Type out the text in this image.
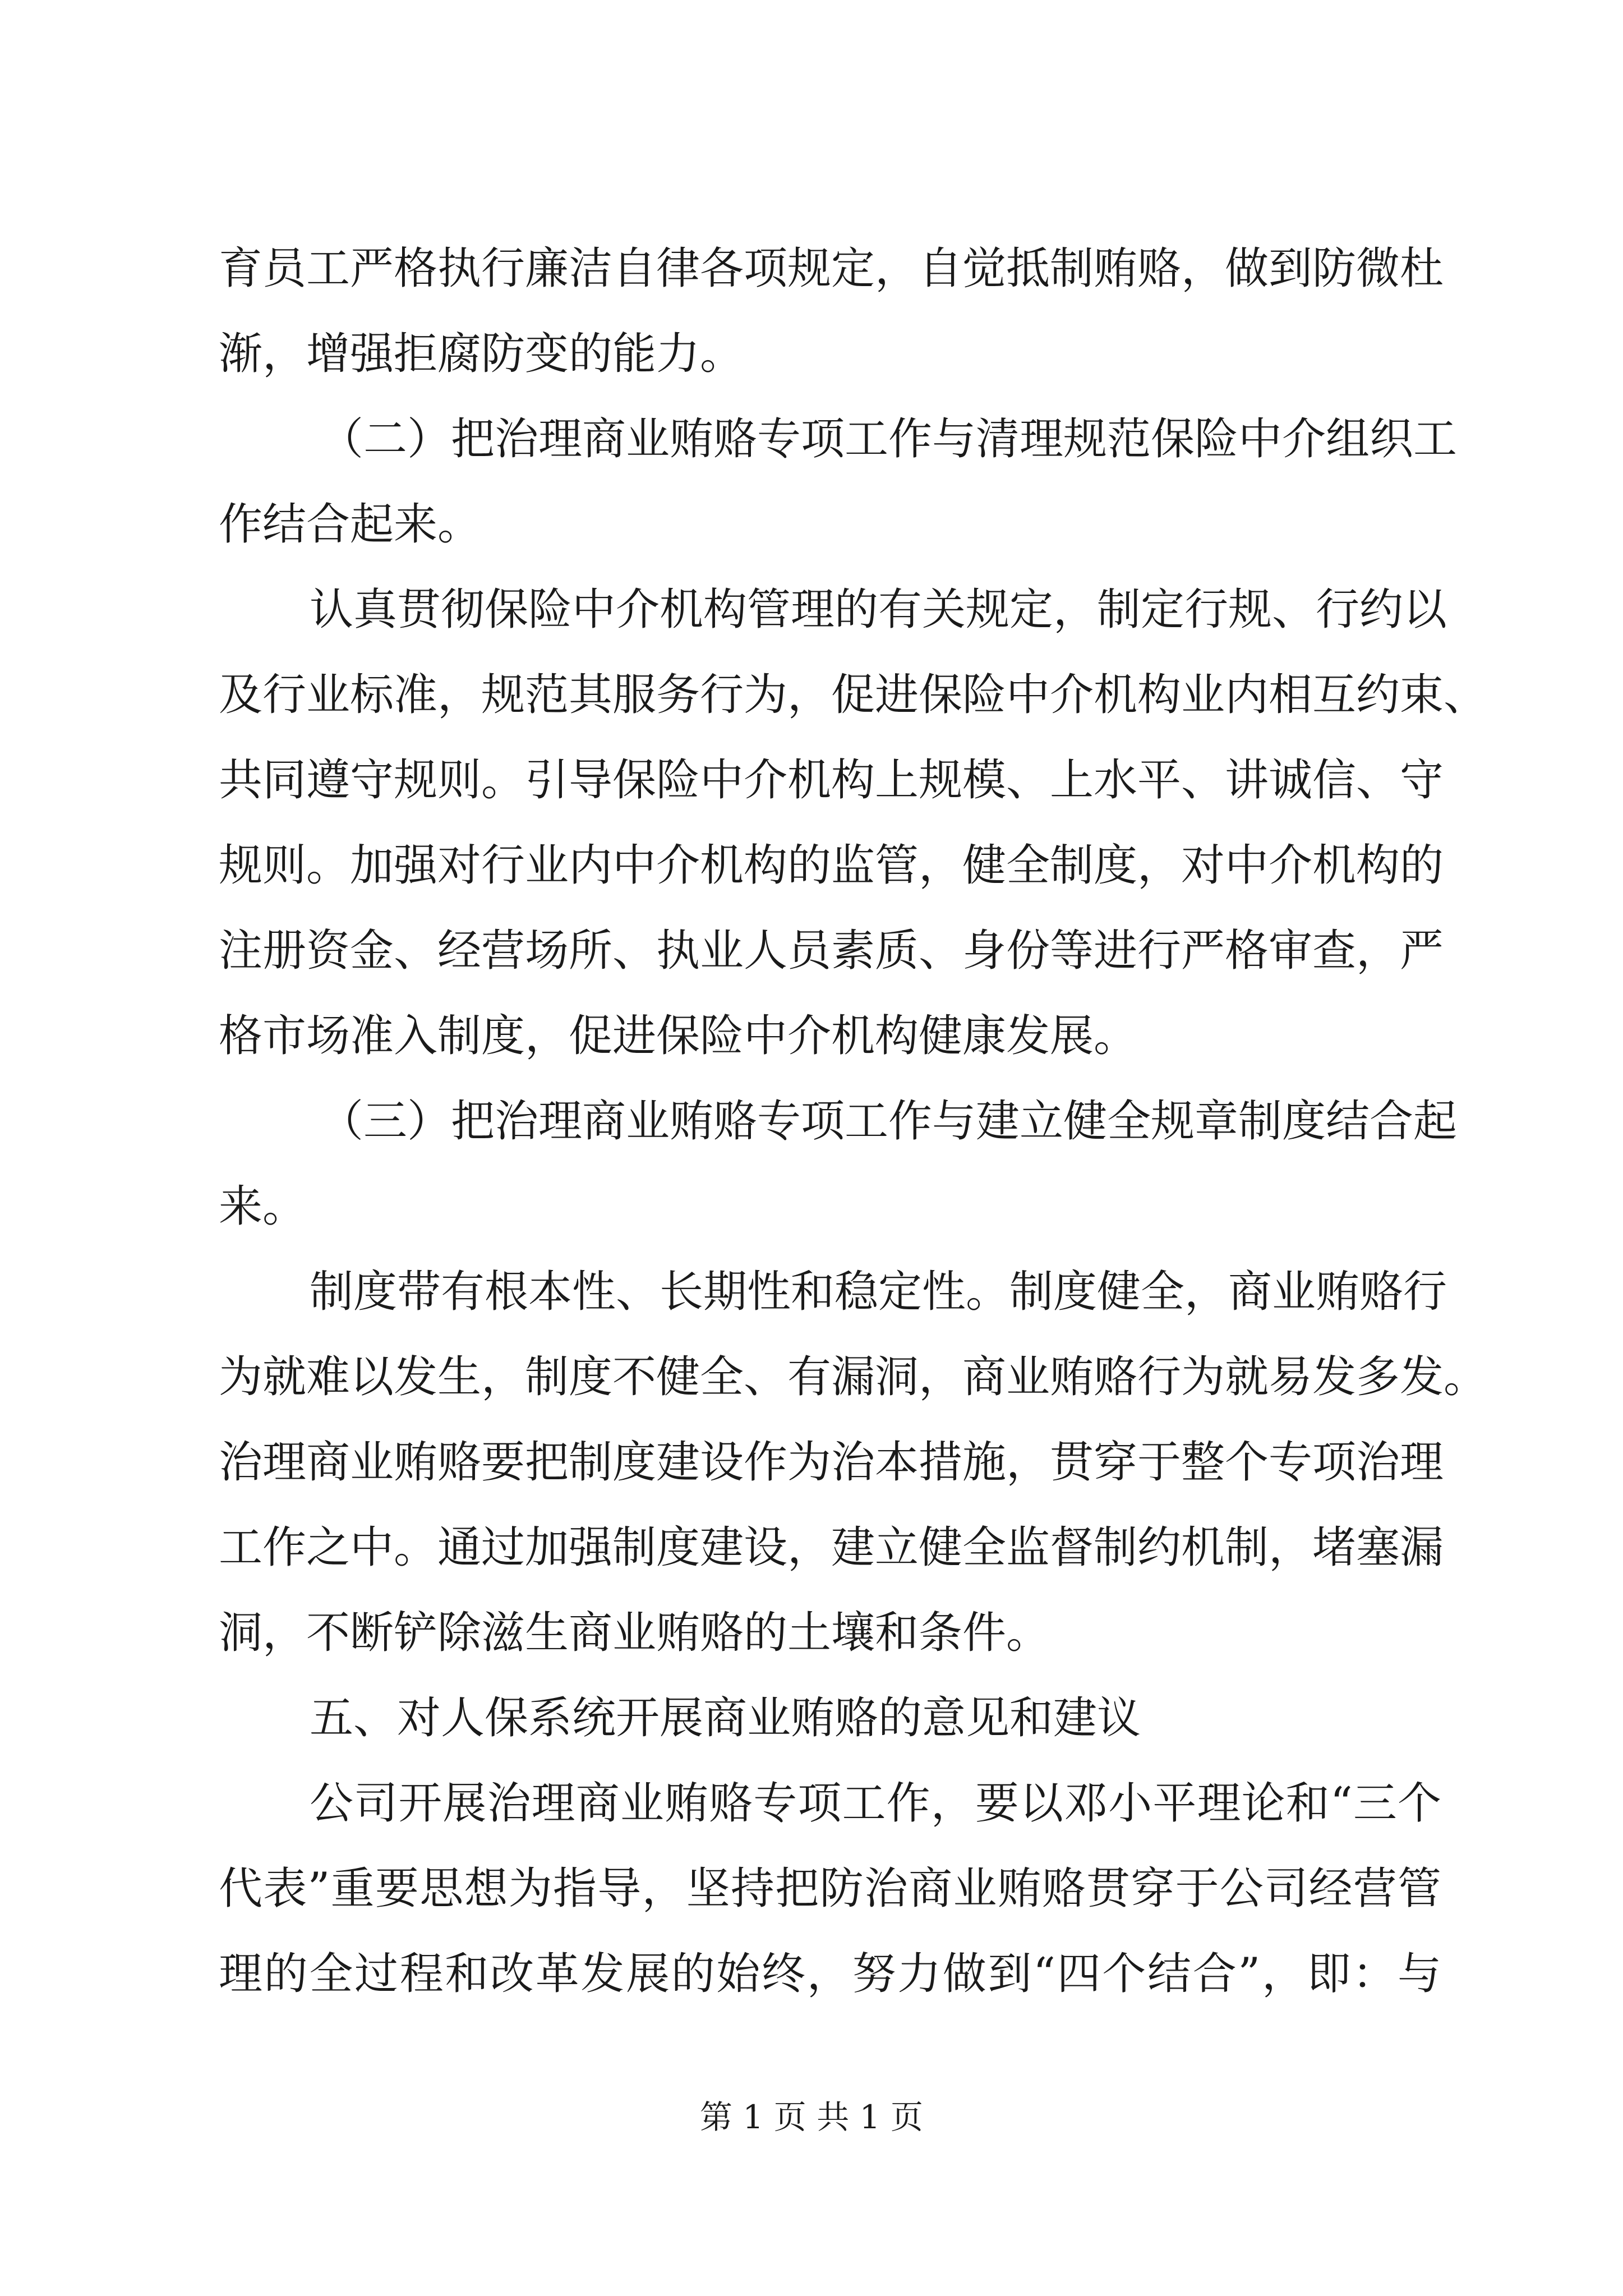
育员工严格执行廉洁自律各项规定，自觉抵制贿赂，做到防微杜
渐，增强拒腐防变的能力。
（二）把治理商业贿赂专项工作与清理规范保险中介组织工
作结合起来。
认真贯彻保险中介机构管理的有关规定，制定行规、行约以
及行业标准，规范其服务行为，促进保险中介机构业内相互约束、
共同遵守规则。引导保险中介机构上规模、上水平、讲诚信、守
规则。加强对行业内中介机构的监管，健全制度，对中介机构的
注册资金、经营场所、执业人员素质、身份等进行严格审查，严
格市场准入制度，促进保险中介机构健康发展。
（三）把治理商业贿赂专项工作与建立健全规章制度结合起
来。
制度带有根本性、长期性和稳定性。制度健全，商业贿赂行
为就难以发生，制度不健全、有漏洞，商业贿赂行为就易发多发。
治理商业贿赂要把制度建设作为治本措施，贯穿于整个专项治理
工作之中。通过加强制度建设，建立健全监督制约机制，堵塞漏
洞，不断铲除滋生商业贿赂的土壤和条件。
五、对人保系统开展商业贿赂的意见和建议
公司开展治理商业贿赂专项工作，要以邓小平理论和“三个
代表”重要思想为指导，坚持把防治商业贿赂贯穿于公司经营管
理的全过程和改革发展的始终，努力做到“四个结合”，即：与
第 1 页 共 1 页
